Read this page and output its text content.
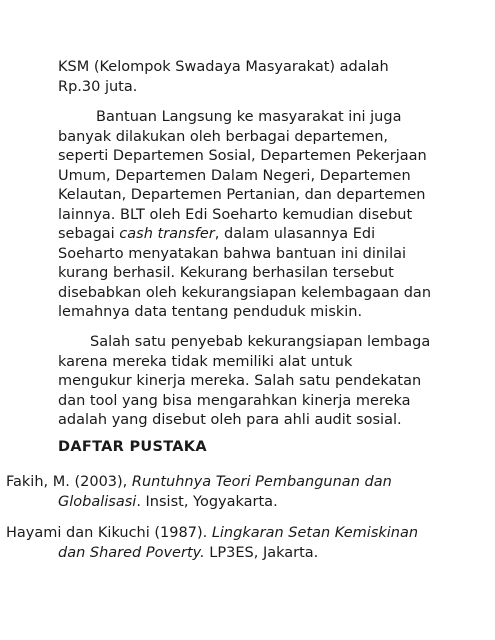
KSM (Kelompok Swadaya Masyarakat) adalah
Rp.30 juta.

Bantuan Langsung ke masyarakat ini juga
banyak dilakukan oleh berbagai departemen,
seperti Departemen Sosial, Departemen Pekerjaan
Umum, Departemen Dalam Negeri, Departemen
Kelautan, Departemen Pertanian, dan departemen
lainnya. BLT oleh Edi Soeharto kemudian disebut
sebagai cash transfer, dalam ulasannya Edi
Soeharto menyatakan bahwa bantuan ini dinilai
kurang berhasil. Kekurang berhasilan tersebut
disebabkan oleh kekurangsiapan kelembagaan dan
lemahnya data tentang penduduk miskin.

Salah satu penyebab kekurangsiapan lembaga
karena mereka tidak memiliki alat untuk
mengukur kinerja mereka. Salah satu pendekatan
dan tool yang bisa mengarahkan kinerja mereka
adalah yang disebut oleh para ahli audit sosial.

DAFTAR PUSTAKA

Fakih, M. (2003), Runtuhnya Teori Pembangunan dan
Globalisasi. Insist, Yogyakarta.

Hayami dan Kikuchi (1987). Lingkaran Setan Kemiskinan
dan Shared Poverty. LP3ES, Jakarta.
